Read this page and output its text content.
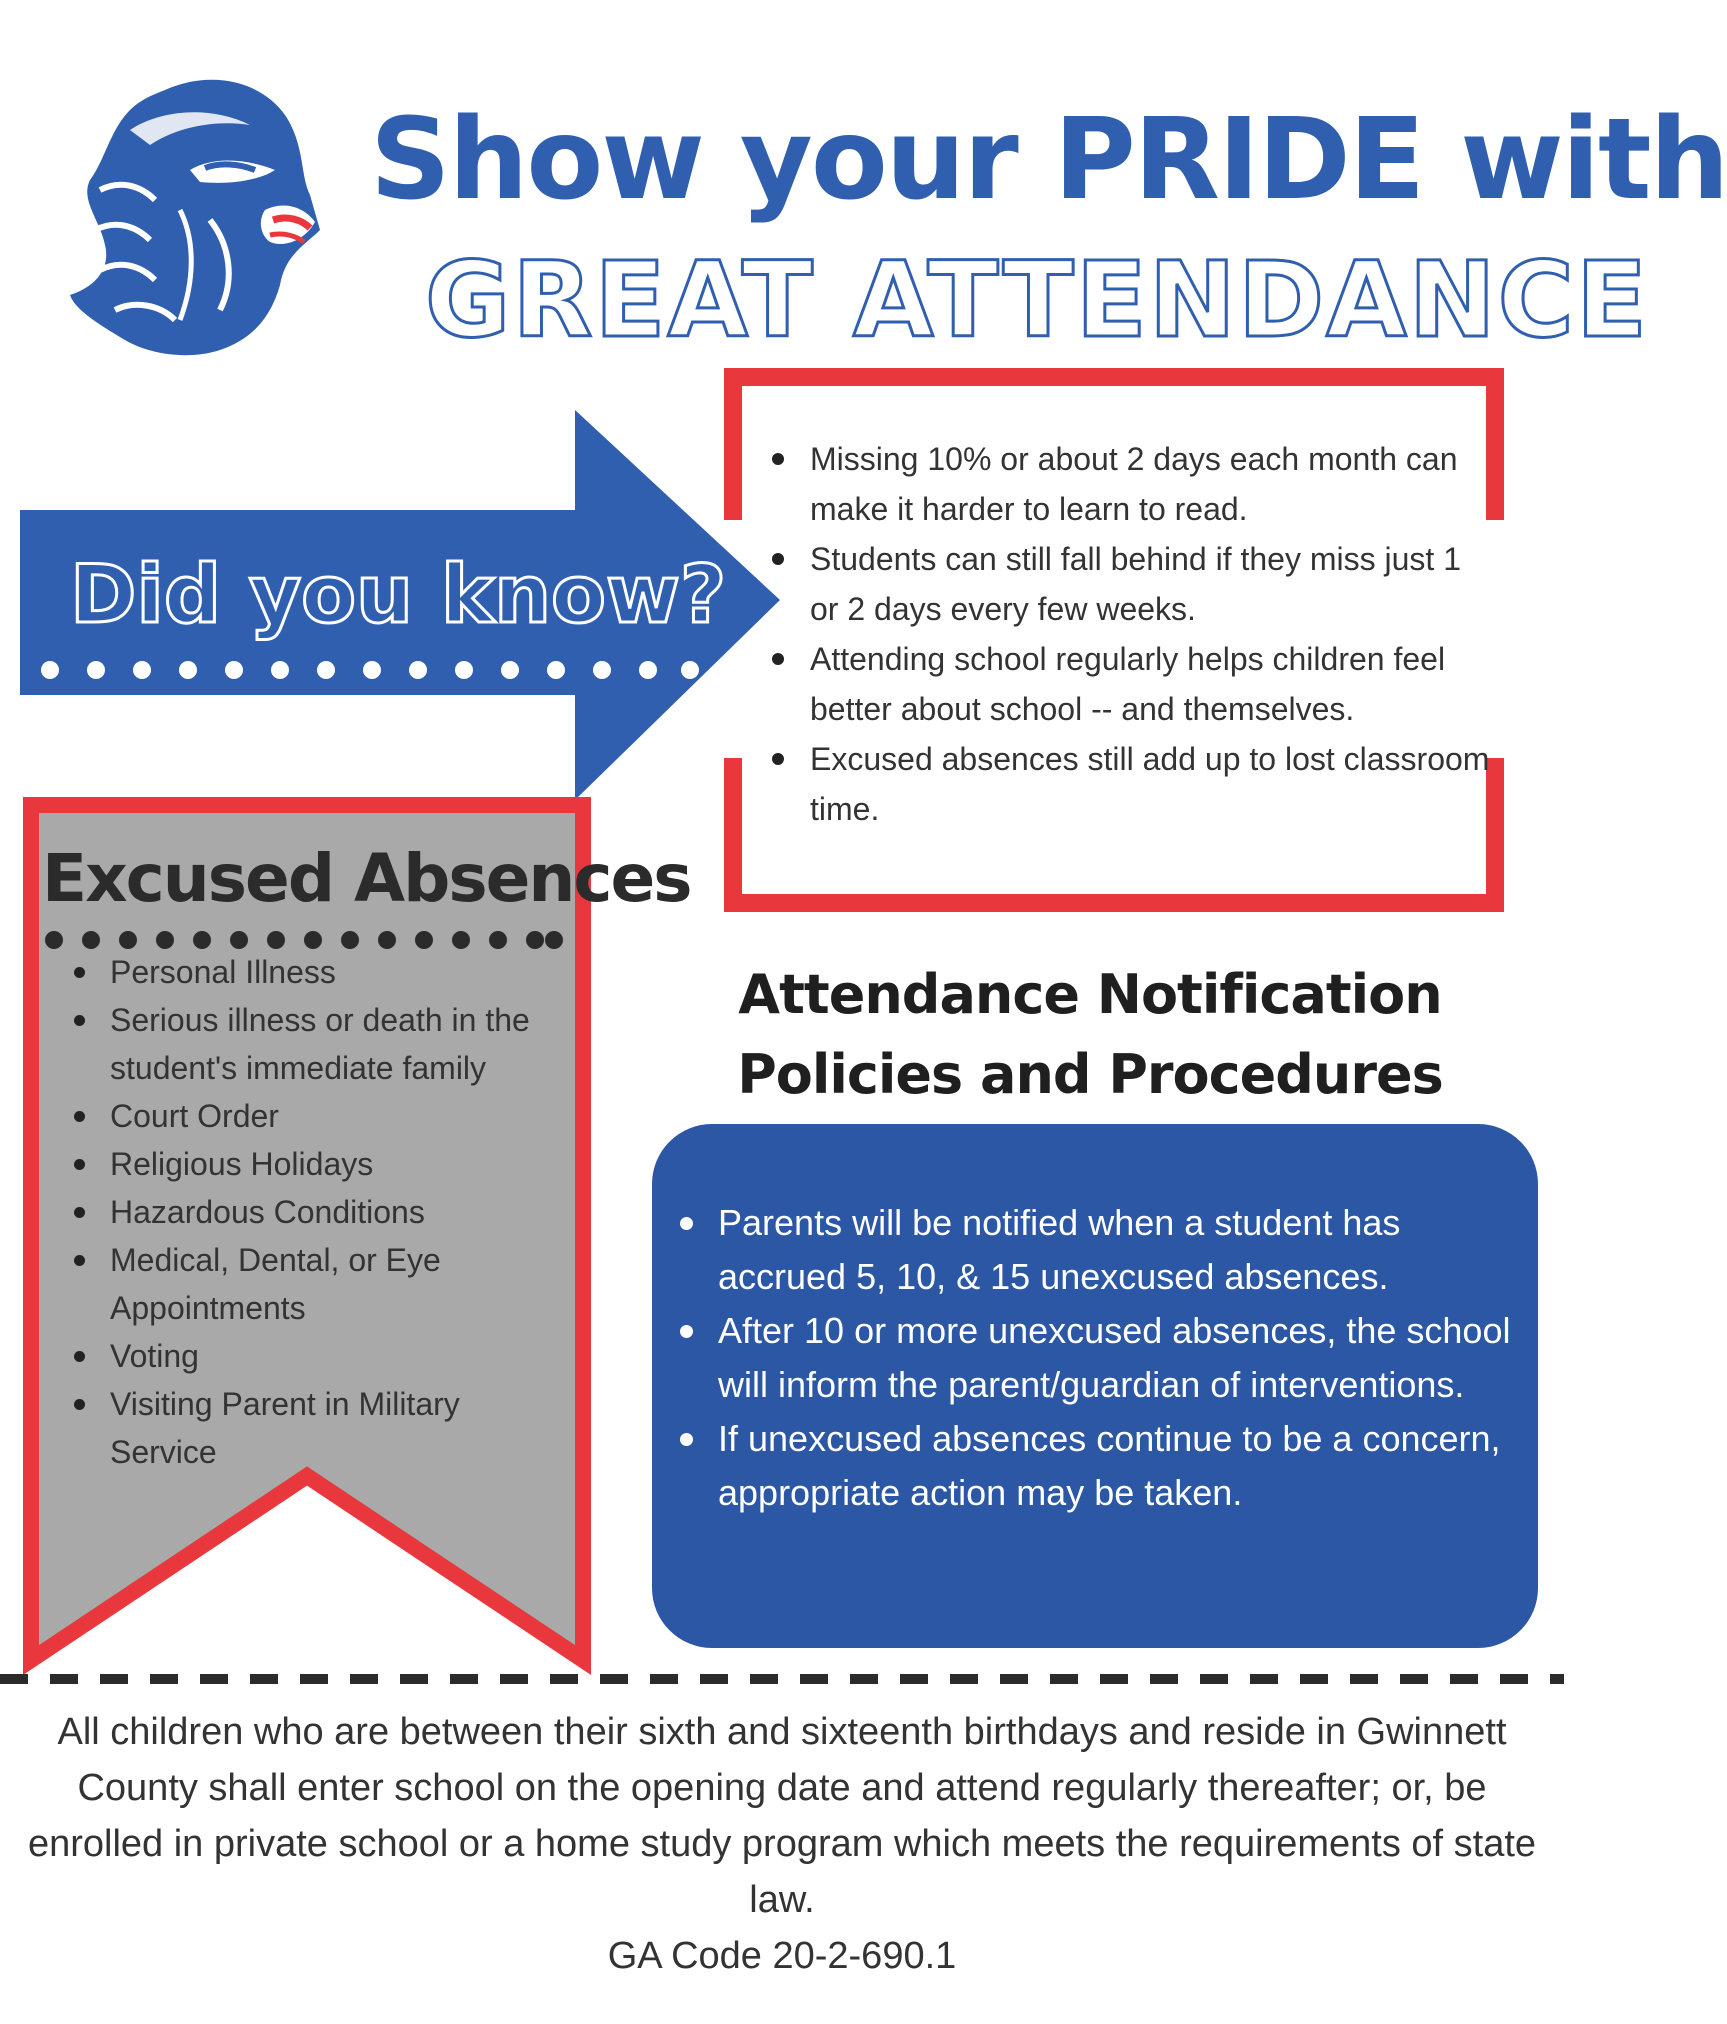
Show your PRIDE with
GREAT ATTENDANCE
Did you know?
Missing 10% or about 2 days each month can make it harder to learn to read.
Students can still fall behind if they miss just 1 or 2 days every few weeks.
Attending school regularly helps children feel better about school -- and themselves.
Excused absences still add up to lost classroom time.
Excused Absences
Personal Illness
Serious illness or death in the student's immediate family
Court Order
Religious Holidays
Hazardous Conditions
Medical, Dental, or Eye Appointments
Voting
Visiting Parent in Military Service
Attendance Notification
Policies and Procedures
Parents will be notified when a student has accrued 5, 10, & 15 unexcused absences.
After 10 or more unexcused absences, the school will inform the parent/guardian of interventions.
If unexcused absences continue to be a concern, appropriate action may be taken.
All children who are between their sixth and sixteenth birthdays and reside in Gwinnett County shall enter school on the opening date and attend regularly thereafter; or, be enrolled in private school or a home study program which meets the requirements of state law.
GA Code 20-2-690.1
